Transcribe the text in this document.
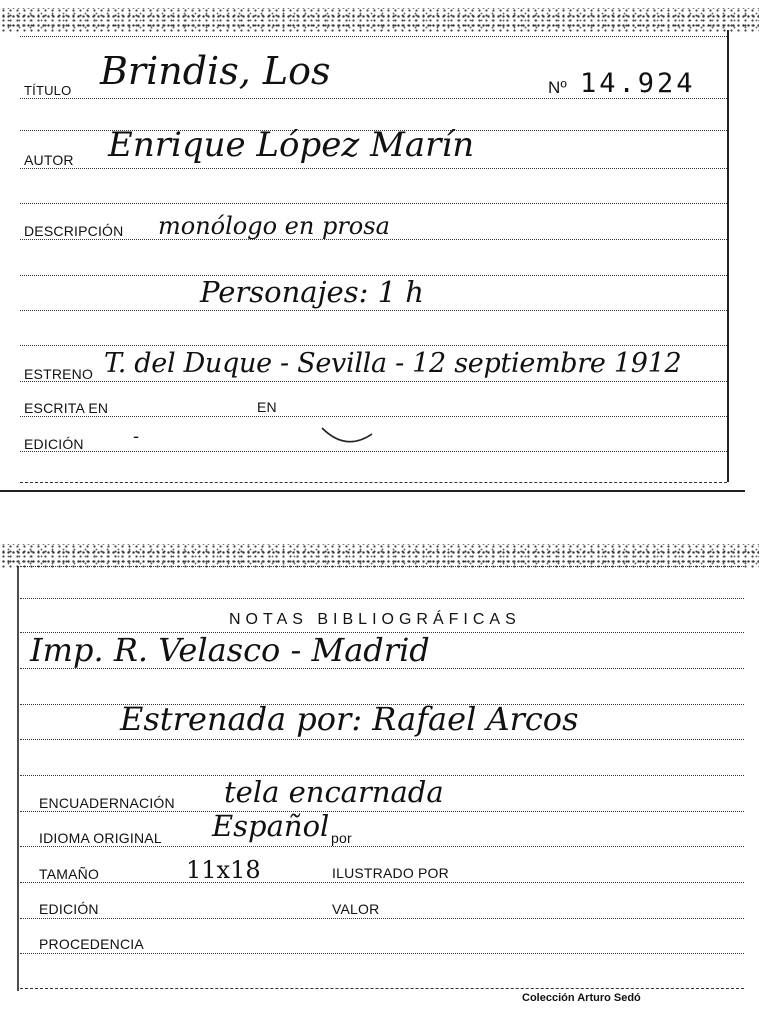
TÍTULO Brindis, Los	Nº 14.924
AUTOR Enrique López Marín
DESCRIPCIÓN monólogo en prosa
Personajes: 1 h
ESTRENO T. del Duque - Sevilla - 12 septiembre 1912
ESCRITA EN	EN
EDICIÓN	-
NOTAS BIBLIOGRÁFICAS
Imp. R. Velasco - Madrid
Estrenada por: Rafael Arcos
ENCUADERNACIÓN tela encarnada
IDIOMA ORIGINAL Español por
TAMAÑO	11x18	ILUSTRADO POR
EDICIÓN	VALOR
PROCEDENCIA
Colección Arturo Sedó
